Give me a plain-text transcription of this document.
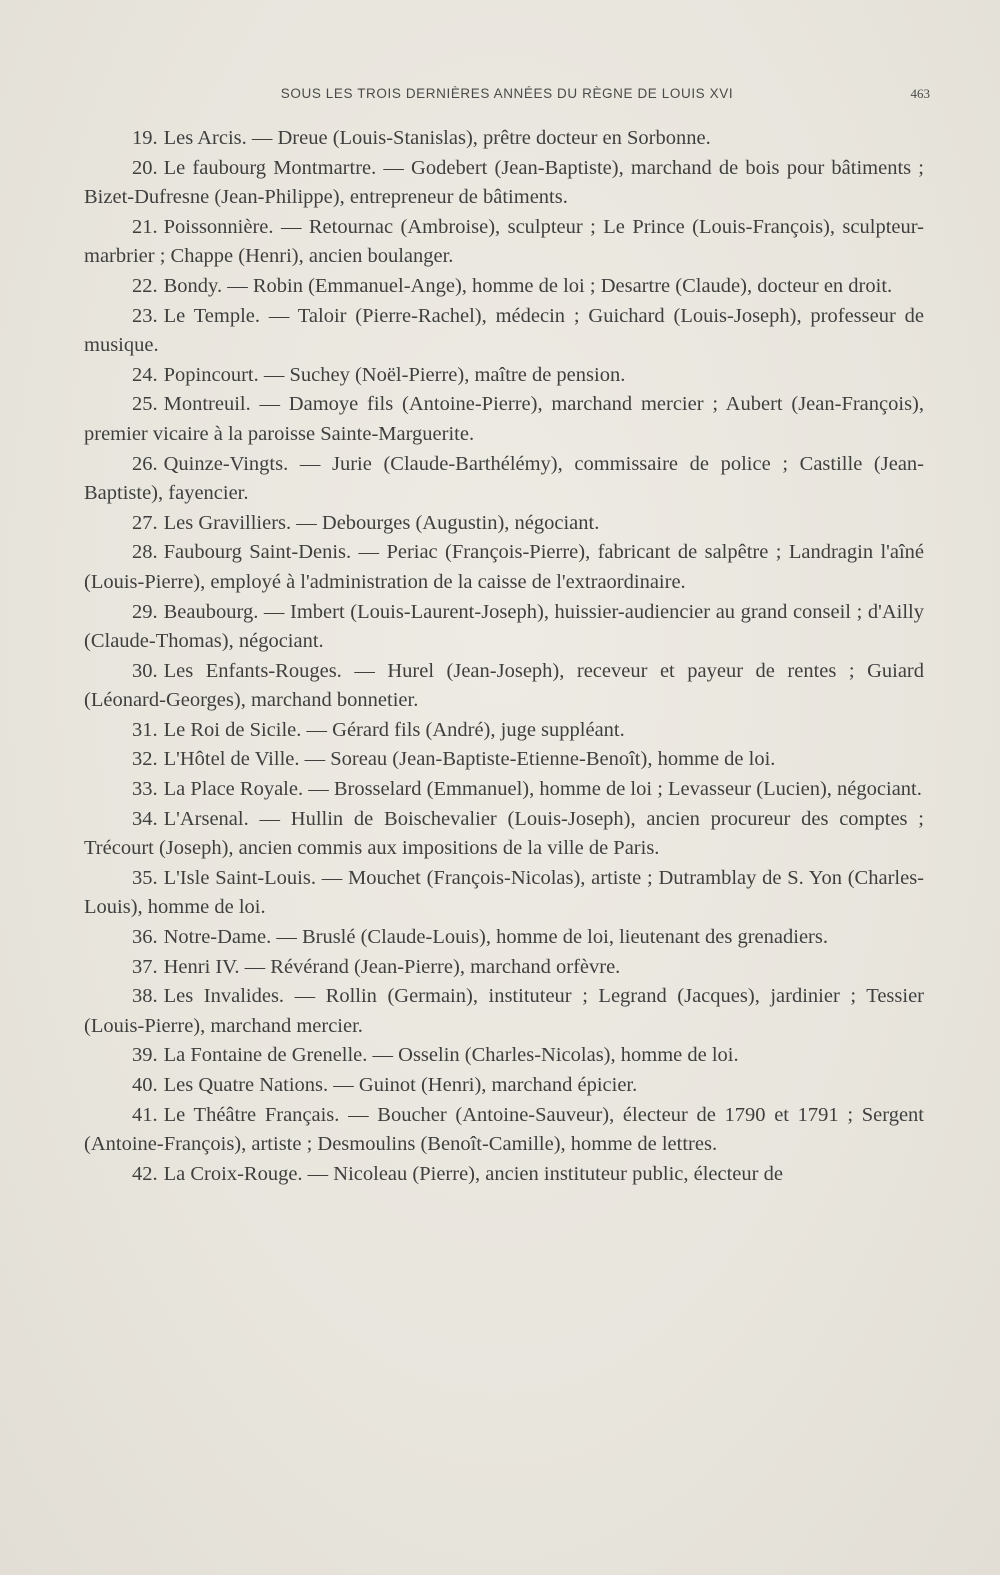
SOUS LES TROIS DERNIÈRES ANNÉES DU RÈGNE DE LOUIS XVI	463

19. Les Arcis. — Dreue (Louis-Stanislas), prêtre docteur en Sorbonne.

20. Le faubourg Montmartre. — Godebert (Jean-Baptiste), marchand de bois pour bâtiments ; Bizet-Dufresne (Jean-Philippe), entrepreneur de bâtiments.

21. Poissonnière. — Retournac (Ambroise), sculpteur ; Le Prince (Louis-François), sculpteur-marbrier ; Chappe (Henri), ancien boulanger.

22. Bondy. — Robin (Emmanuel-Ange), homme de loi ; Desartre (Claude), docteur en droit.

23. Le Temple. — Taloir (Pierre-Rachel), médecin ; Guichard (Louis-Joseph), professeur de musique.

24. Popincourt. — Suchey (Noël-Pierre), maître de pension.

25. Montreuil. — Damoye fils (Antoine-Pierre), marchand mercier ; Aubert (Jean-François), premier vicaire à la paroisse Sainte-Marguerite.

26. Quinze-Vingts. — Jurie (Claude-Barthélémy), commissaire de police ; Castille (Jean-Baptiste), fayencier.

27. Les Gravilliers. — Debourges (Augustin), négociant.

28. Faubourg Saint-Denis. — Periac (François-Pierre), fabricant de salpêtre ; Landragin l'aîné (Louis-Pierre), employé à l'administration de la caisse de l'extraordinaire.

29. Beaubourg. — Imbert (Louis-Laurent-Joseph), huissier-audiencier au grand conseil ; d'Ailly (Claude-Thomas), négociant.

30. Les Enfants-Rouges. — Hurel (Jean-Joseph), receveur et payeur de rentes ; Guiard (Léonard-Georges), marchand bonnetier.

31. Le Roi de Sicile. — Gérard fils (André), juge suppléant.

32. L'Hôtel de Ville. — Soreau (Jean-Baptiste-Etienne-Benoît), homme de loi.

33. La Place Royale. — Brosselard (Emmanuel), homme de loi ; Levasseur (Lucien), négociant.

34. L'Arsenal. — Hullin de Boischevalier (Louis-Joseph), ancien procureur des comptes ; Trécourt (Joseph), ancien commis aux impositions de la ville de Paris.

35. L'Isle Saint-Louis. — Mouchet (François-Nicolas), artiste ; Dutramblay de S. Yon (Charles-Louis), homme de loi.

36. Notre-Dame. — Bruslé (Claude-Louis), homme de loi, lieutenant des grenadiers.

37. Henri IV. — Révérand (Jean-Pierre), marchand orfèvre.

38. Les Invalides. — Rollin (Germain), instituteur ; Legrand (Jacques), jardinier ; Tessier (Louis-Pierre), marchand mercier.

39. La Fontaine de Grenelle. — Osselin (Charles-Nicolas), homme de loi.

40. Les Quatre Nations. — Guinot (Henri), marchand épicier.

41. Le Théâtre Français. — Boucher (Antoine-Sauveur), électeur de 1790 et 1791 ; Sergent (Antoine-François), artiste ; Desmoulins (Benoît-Camille), homme de lettres.

42. La Croix-Rouge. — Nicoleau (Pierre), ancien instituteur public, électeur de
